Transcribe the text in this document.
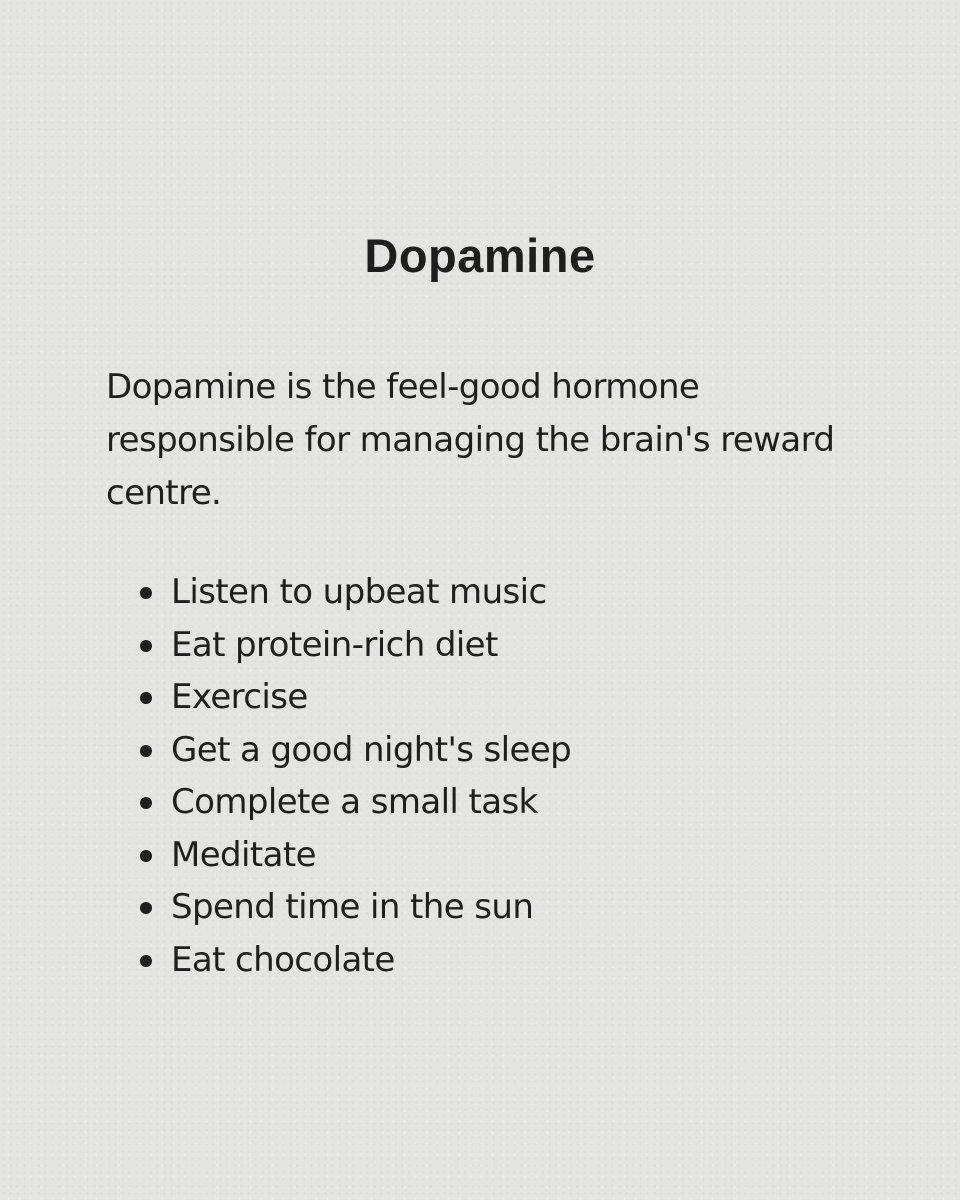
Dopamine

Dopamine is the feel-good hormone responsible for managing the brain's reward centre.

Listen to upbeat music
Eat protein-rich diet
Exercise
Get a good night's sleep
Complete a small task
Meditate
Spend time in the sun
Eat chocolate
